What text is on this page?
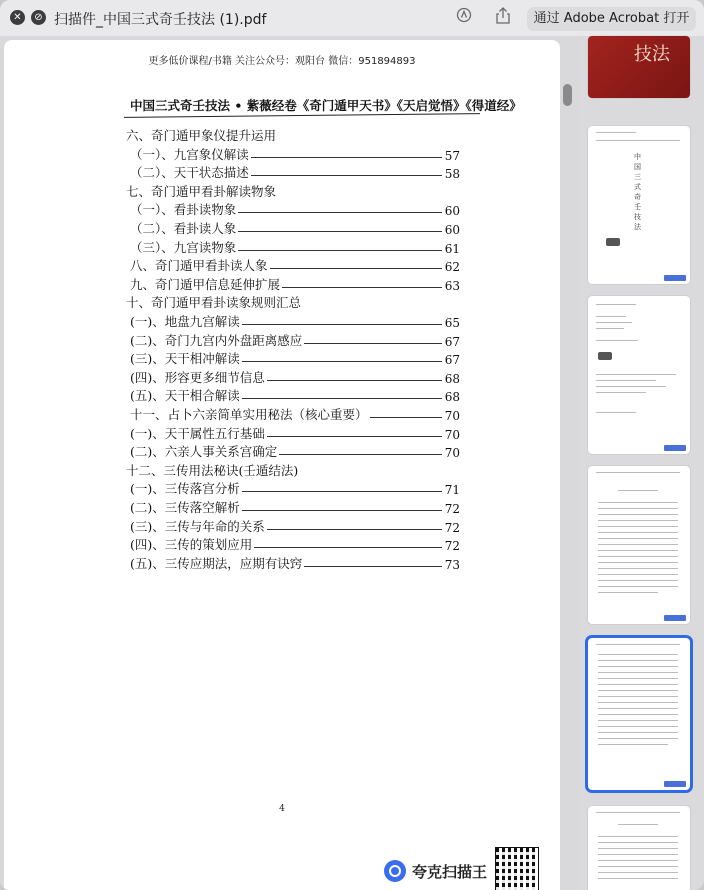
✕	⊘ 扫描件_中国三式奇壬技法 (1).pdf	通过 Adobe Acrobat 打开
更多低价课程/书籍 关注公众号：观阳台 微信：951894893
中国三式奇壬技法 • 紫薇经卷《奇门遁甲天书》《天启觉悟》《得道经》
六、奇门遁甲象仪提升运用
（一）、九宫象仪解读	57
（二）、天干状态描述	58
七、奇门遁甲看卦解读物象
（一）、看卦读物象	60
（二）、看卦读人象	60
（三）、九宫读物象	61
八、奇门遁甲看卦读人象	62
九、奇门遁甲信息延伸扩展	63
十、奇门遁甲看卦读象规则汇总
(一)、地盘九宫解读	65
(二)、奇门九宫内外盘距离感应	67
(三)、天干相冲解读	67
(四)、形容更多细节信息	68
(五)、天干相合解读	68
十一、占卜六亲简单实用秘法（核心重要）	70
(一)、天干属性五行基础	70
(二)、六亲人事关系宫确定	70
十二、三传用法秘诀(壬遁结法)
(一)、三传落宫分析	71
(二)、三传落空解析	72
(三)、三传与年命的关系	72
(四)、三传的策划应用	72
(五)、三传应期法，应期有诀窍	73
4
夸克扫描王
技法
中国三式奇壬技法
